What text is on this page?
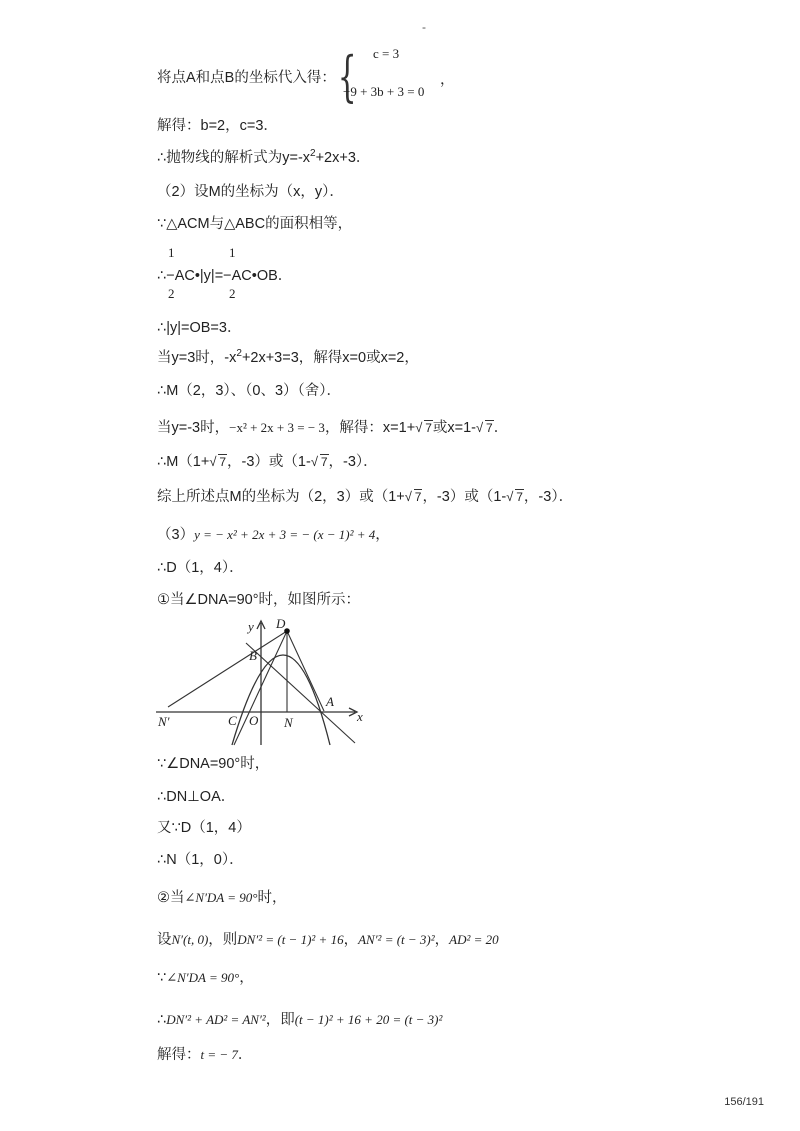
-
将点A和点B的坐标代入得： { c = 3
−9 + 3b + 3 = 0
，
解得：b=2，c=3．
∴抛物线的解析式为$y=-x^2+2x+3$．
（2）设M的坐标为（x，y）．
∵△ACM与△ABC的面积相等，
1	1
∴−AC•|y|=−AC•OB．
2	2
∴|y|=OB=3．
当y=3时，$-x^2+2x+3=3$，解得x=0或x=2，
∴M（2，3）、（0、3）（舍）．
当y=-3时，−x² + 2x + 3 = − 3，解得：x=1+ √ 7或x=1- √ 7．
∴M（1+ √ 7，-3）或（1- √ 7，-3）．
综上所述点M的坐标为（2，3）或（1+ √ 7，-3）或（1- √ 7，-3）．
（3）y = − x² + 2x + 3 = − (x − 1)² + 4，
∴D（1，4）．
①当∠DNA=90°时，如图所示：
y
x
D
B
A
N'	C O N
∵∠DNA=90°时，
∴DN⊥OA．
又∵D（1，4）
∴N（1，0）．
②当∠N′DA = 90°时，
设N′(t, 0)，则DN′² = (t − 1)² + 16，AN′² = (t − 3)²，AD² = 20
∵∠N′DA = 90°，
∴DN′² + AD² = AN′²，即(t − 1)² + 16 + 20 = (t − 3)²
解得：t = − 7．
156/191
